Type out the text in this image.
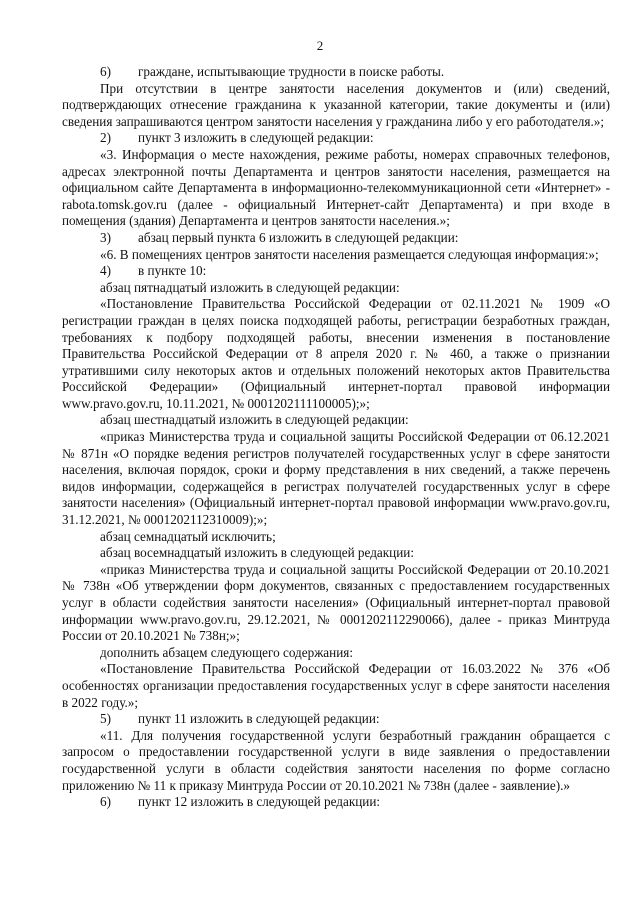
2

6) граждане, испытывающие трудности в поиске работы.

При отсутствии в центре занятости населения документов и (или) сведений, подтверждающих отнесение гражданина к указанной категории, такие документы и (или) сведения запрашиваются центром занятости населения у гражданина либо у его работодателя.»;

2) пункт 3 изложить в следующей редакции:

«3. Информация о месте нахождения, режиме работы, номерах справочных телефонов, адресах электронной почты Департамента и центров занятости населения, размещается на официальном сайте Департамента в информационно-телекоммуникационной сети «Интернет» - rabota.tomsk.gov.ru (далее - официальный Интернет-сайт Департамента) и при входе в помещения (здания) Департамента и центров занятости населения.»;

3) абзац первый пункта 6 изложить в следующей редакции:

«6. В помещениях центров занятости населения размещается следующая информация:»;

4) в пункте 10:

абзац пятнадцатый изложить в следующей редакции:

«Постановление Правительства Российской Федерации от 02.11.2021 № 1909 «О регистрации граждан в целях поиска подходящей работы, регистрации безработных граждан, требованиях к подбору подходящей работы, внесении изменения в постановление Правительства Российской Федерации от 8 апреля 2020 г. № 460, а также о признании утратившими силу некоторых актов и отдельных положений некоторых актов Правительства Российской Федерации» (Официальный интернет-портал правовой информации www.pravo.gov.ru, 10.11.2021, № 0001202111100005);»;

абзац шестнадцатый изложить в следующей редакции:

«приказ Министерства труда и социальной защиты Российской Федерации от 06.12.2021 № 871н «О порядке ведения регистров получателей государственных услуг в сфере занятости населения, включая порядок, сроки и форму представления в них сведений, а также перечень видов информации, содержащейся в регистрах получателей государственных услуг в сфере занятости населения» (Официальный интернет-портал правовой информации www.pravo.gov.ru, 31.12.2021, № 0001202112310009);»;

абзац семнадцатый исключить;

абзац восемнадцатый изложить в следующей редакции:

«приказ Министерства труда и социальной защиты Российской Федерации от 20.10.2021 № 738н «Об утверждении форм документов, связанных с предоставлением государственных услуг в области содействия занятости населения» (Официальный интернет-портал правовой информации www.pravo.gov.ru, 29.12.2021, № 0001202112290066), далее - приказ Минтруда России от 20.10.2021 № 738н;»;

дополнить абзацем следующего содержания:

«Постановление Правительства Российской Федерации от 16.03.2022 № 376 «Об особенностях организации предоставления государственных услуг в сфере занятости населения в 2022 году.»;

5) пункт 11 изложить в следующей редакции:

«11. Для получения государственной услуги безработный гражданин обращается с запросом о предоставлении государственной услуги в виде заявления о предоставлении государственной услуги в области содействия занятости населения по форме согласно приложению № 11 к приказу Минтруда России от 20.10.2021 № 738н (далее - заявление).»

6) пункт 12 изложить в следующей редакции:
